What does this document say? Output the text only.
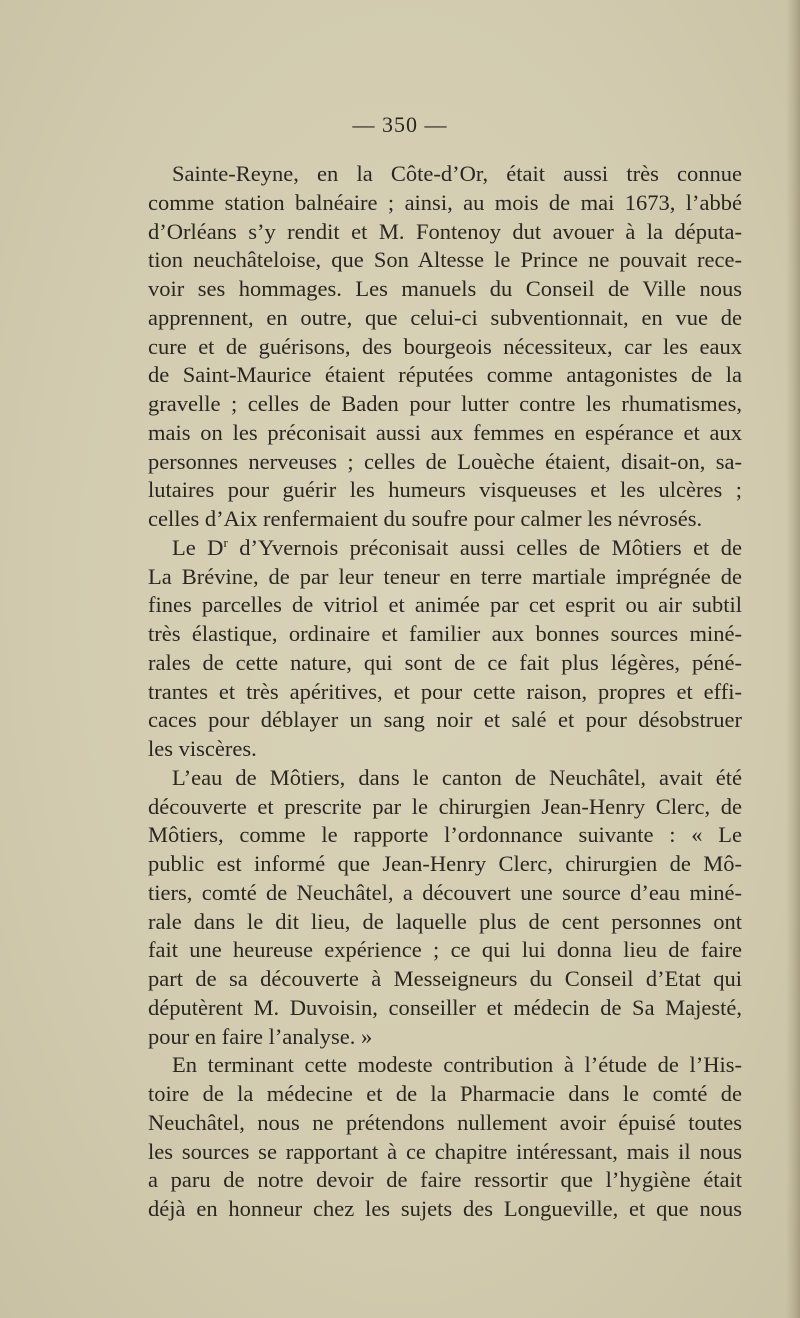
— 350 —
Sainte-Reyne, en la Côte-d’Or, était aussi très connue
comme station balnéaire ; ainsi, au mois de mai 1673, l’abbé
d’Orléans s’y rendit et M. Fontenoy dut avouer à la députa-
tion neuchâteloise, que Son Altesse le Prince ne pouvait rece-
voir ses hommages. Les manuels du Conseil de Ville nous
apprennent, en outre, que celui-ci subventionnait, en vue de
cure et de guérisons, des bourgeois nécessiteux, car les eaux
de Saint-Maurice étaient réputées comme antagonistes de la
gravelle ; celles de Baden pour lutter contre les rhumatismes,
mais on les préconisait aussi aux femmes en espérance et aux
personnes nerveuses ; celles de Louèche étaient, disait-on, sa-
lutaires pour guérir les humeurs visqueuses et les ulcères ;
celles d’Aix renfermaient du soufre pour calmer les névrosés.
Le $D^r$ d’Yvernois préconisait aussi celles de Môtiers et de
La Brévine, de par leur teneur en terre martiale imprégnée de
fines parcelles de vitriol et animée par cet esprit ou air subtil
très élastique, ordinaire et familier aux bonnes sources miné-
rales de cette nature, qui sont de ce fait plus légères, péné-
trantes et très apéritives, et pour cette raison, propres et effi-
caces pour déblayer un sang noir et salé et pour désobstruer
les viscères.
L’eau de Môtiers, dans le canton de Neuchâtel, avait été
découverte et prescrite par le chirurgien Jean-Henry Clerc, de
Môtiers, comme le rapporte l’ordonnance suivante : « Le
public est informé que Jean-Henry Clerc, chirurgien de Mô-
tiers, comté de Neuchâtel, a découvert une source d’eau miné-
rale dans le dit lieu, de laquelle plus de cent personnes ont
fait une heureuse expérience ; ce qui lui donna lieu de faire
part de sa découverte à Messeigneurs du Conseil d’Etat qui
députèrent M. Duvoisin, conseiller et médecin de Sa Majesté,
pour en faire l’analyse. »
En terminant cette modeste contribution à l’étude de l’His-
toire de la médecine et de la Pharmacie dans le comté de
Neuchâtel, nous ne prétendons nullement avoir épuisé toutes
les sources se rapportant à ce chapitre intéressant, mais il nous
a paru de notre devoir de faire ressortir que l’hygiène était
déjà en honneur chez les sujets des Longueville, et que nous
